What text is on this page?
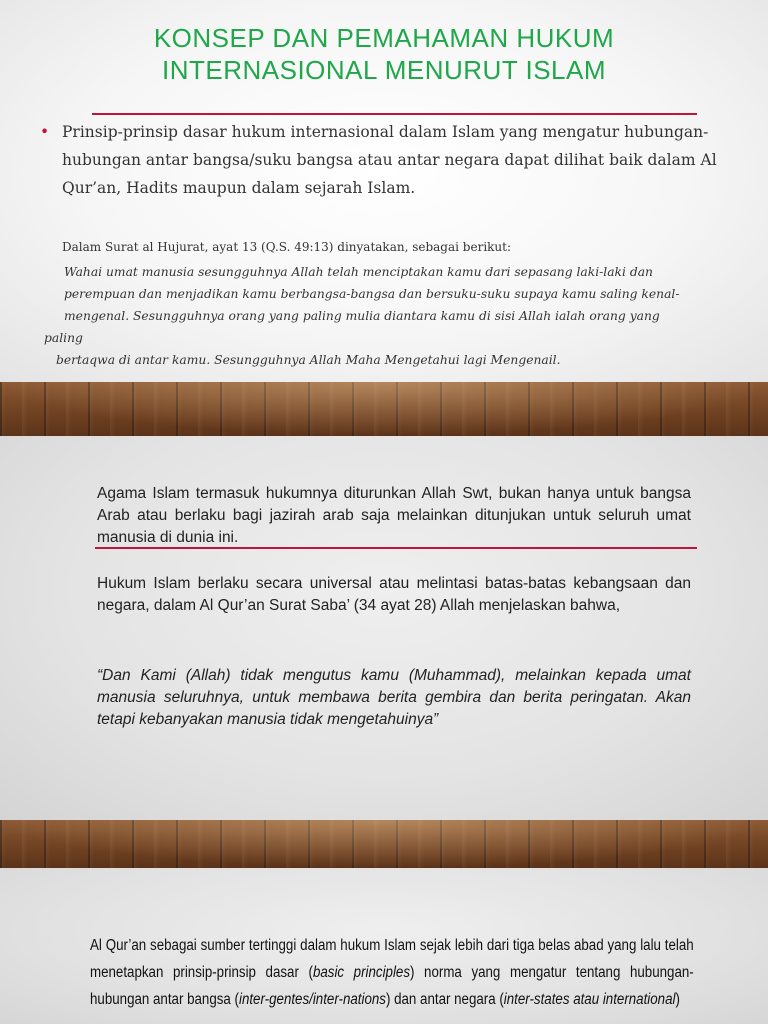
KONSEP DAN PEMAHAMAN HUKUM
INTERNASIONAL MENURUT ISLAM
• Prinsip-prinsip dasar hukum internasional dalam Islam yang mengatur hubungan-hubungan antar bangsa/suku bangsa atau antar negara dapat dilihat baik dalam Al Qur’an, Hadits maupun dalam sejarah Islam.
Dalam Surat al Hujurat, ayat 13 (Q.S. 49:13) dinyatakan, sebagai berikut:
Wahai umat manusia sesungguhnya Allah telah menciptakan kamu dari sepasang laki-laki dan
perempuan dan menjadikan kamu berbangsa-bangsa dan bersuku-suku supaya kamu saling kenal-
mengenal. Sesungguhnya orang yang paling mulia diantara kamu di sisi Allah ialah orang yang
paling
bertaqwa di antar kamu. Sesungguhnya Allah Maha Mengetahui lagi Mengenail.
Agama Islam termasuk hukumnya diturunkan Allah Swt, bukan hanya untuk bangsa Arab atau berlaku bagi jazirah arab saja melainkan ditunjukan untuk seluruh umat manusia di dunia ini.
Hukum Islam berlaku secara universal atau melintasi batas-batas kebangsaan dan negara, dalam Al Qur’an Surat Saba’ (34 ayat 28) Allah menjelaskan bahwa,
“Dan Kami (Allah) tidak mengutus kamu (Muhammad), melainkan kepada umat manusia seluruhnya, untuk membawa berita gembira dan berita peringatan. Akan tetapi kebanyakan manusia tidak mengetahuinya”
Al Qur’an sebagai sumber tertinggi dalam hukum Islam sejak lebih dari tiga belas abad yang lalu telah menetapkan prinsip-prinsip dasar (basic principles) norma yang mengatur tentang hubungan-hubungan antar bangsa (inter-gentes/inter-nations) dan antar negara (inter-states atau international)
